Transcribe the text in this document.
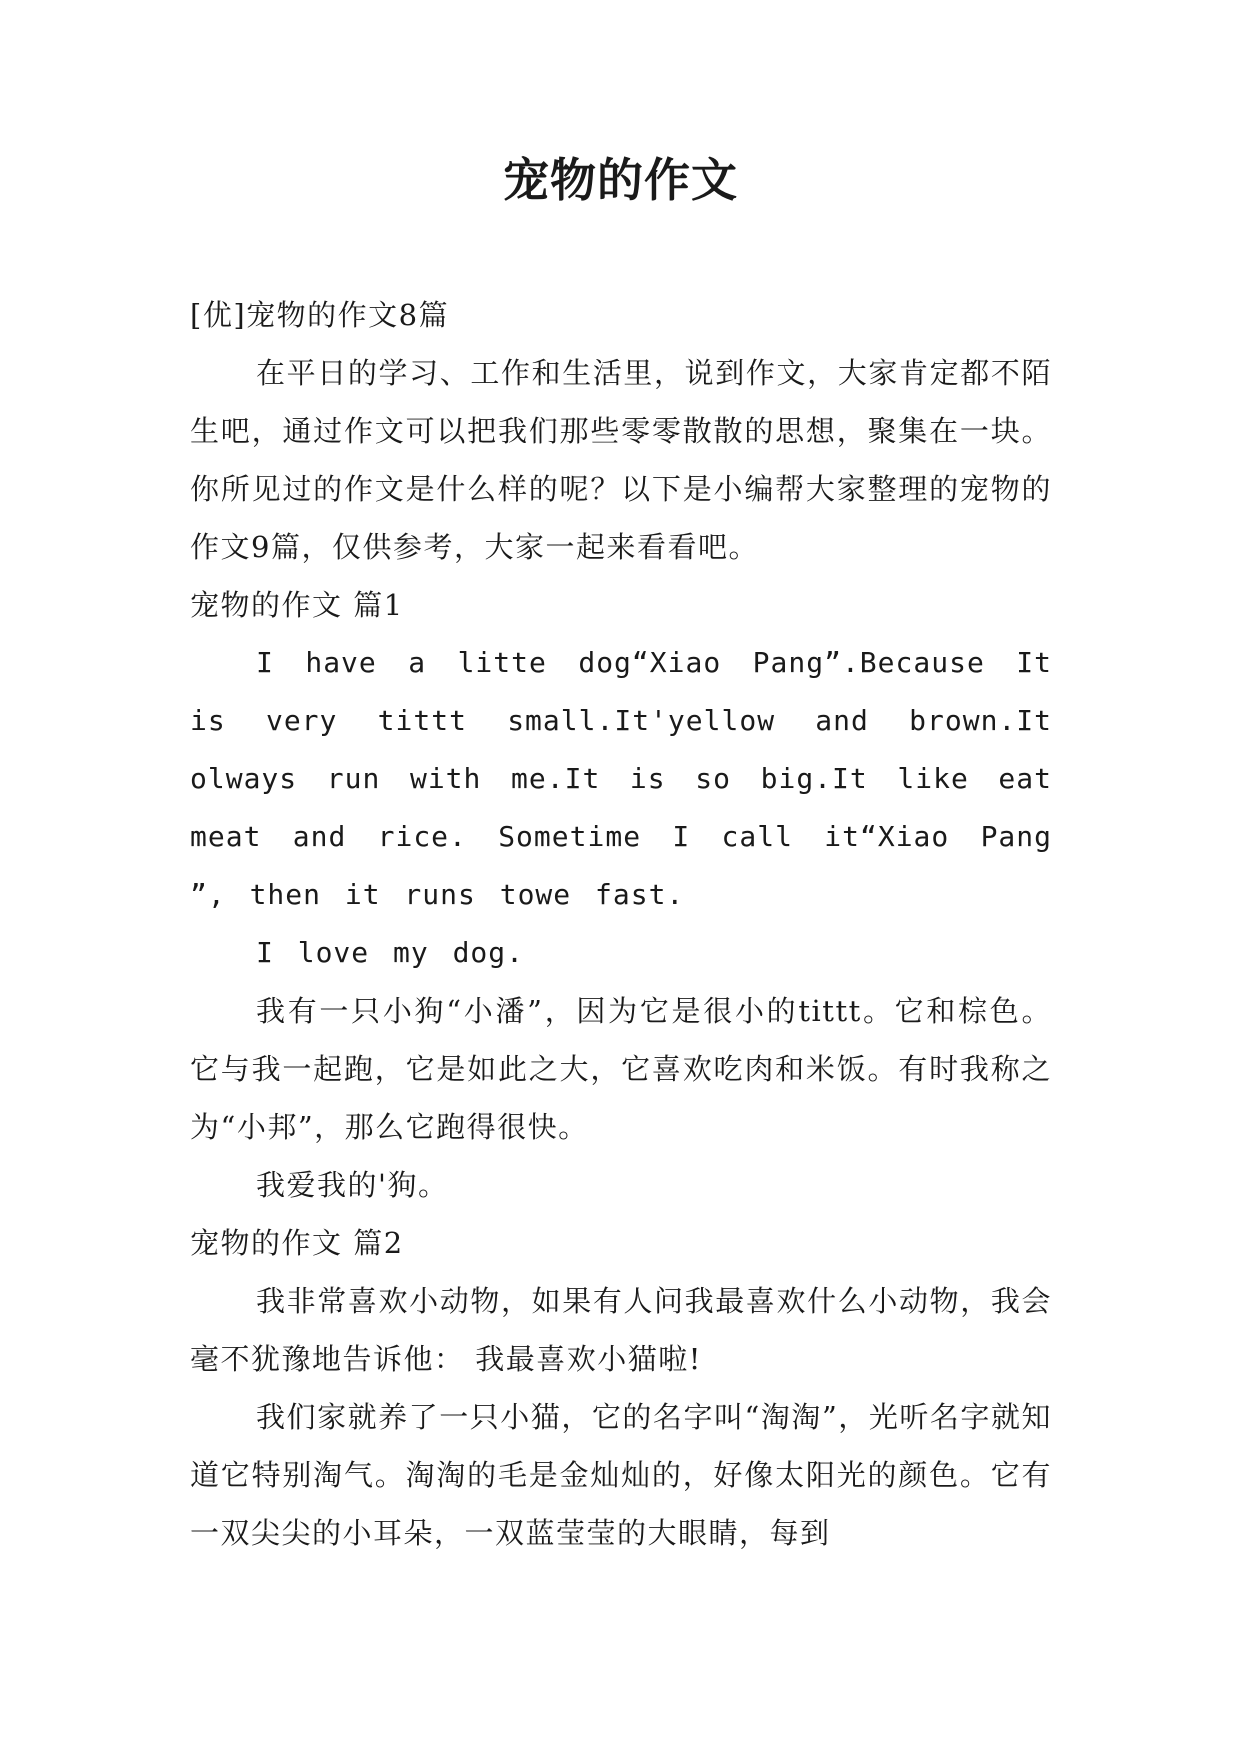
宠物的作文

[优]宠物的作文8篇

在平日的学习、工作和生活里，说到作文，大家肯定都不陌生吧，通过作文可以把我们那些零零散散的思想，聚集在一块。你所见过的作文是什么样的呢？以下是小编帮大家整理的宠物的作文9篇，仅供参考，大家一起来看看吧。

宠物的作文 篇1

I have a litte dog“Xiao Pang”.Because It is very tittt small.It'yellow and brown.It olways run with me.It is so big.It like eat meat and rice. Sometime I call it“Xiao Pang ”, then it runs towe fast.

I love my dog.

我有一只小狗“小潘”，因为它是很小的tittt。它和棕色。它与我一起跑，它是如此之大，它喜欢吃肉和米饭。有时我称之为“小邦”，那么它跑得很快。

我爱我的'狗。

宠物的作文 篇2

我非常喜欢小动物，如果有人问我最喜欢什么小动物，我会毫不犹豫地告诉他： 我最喜欢小猫啦!

我们家就养了一只小猫，它的名字叫“淘淘”，光听名字就知道它特别淘气。淘淘的毛是金灿灿的，好像太阳光的颜色。它有一双尖尖的小耳朵，一双蓝莹莹的大眼睛，每到
